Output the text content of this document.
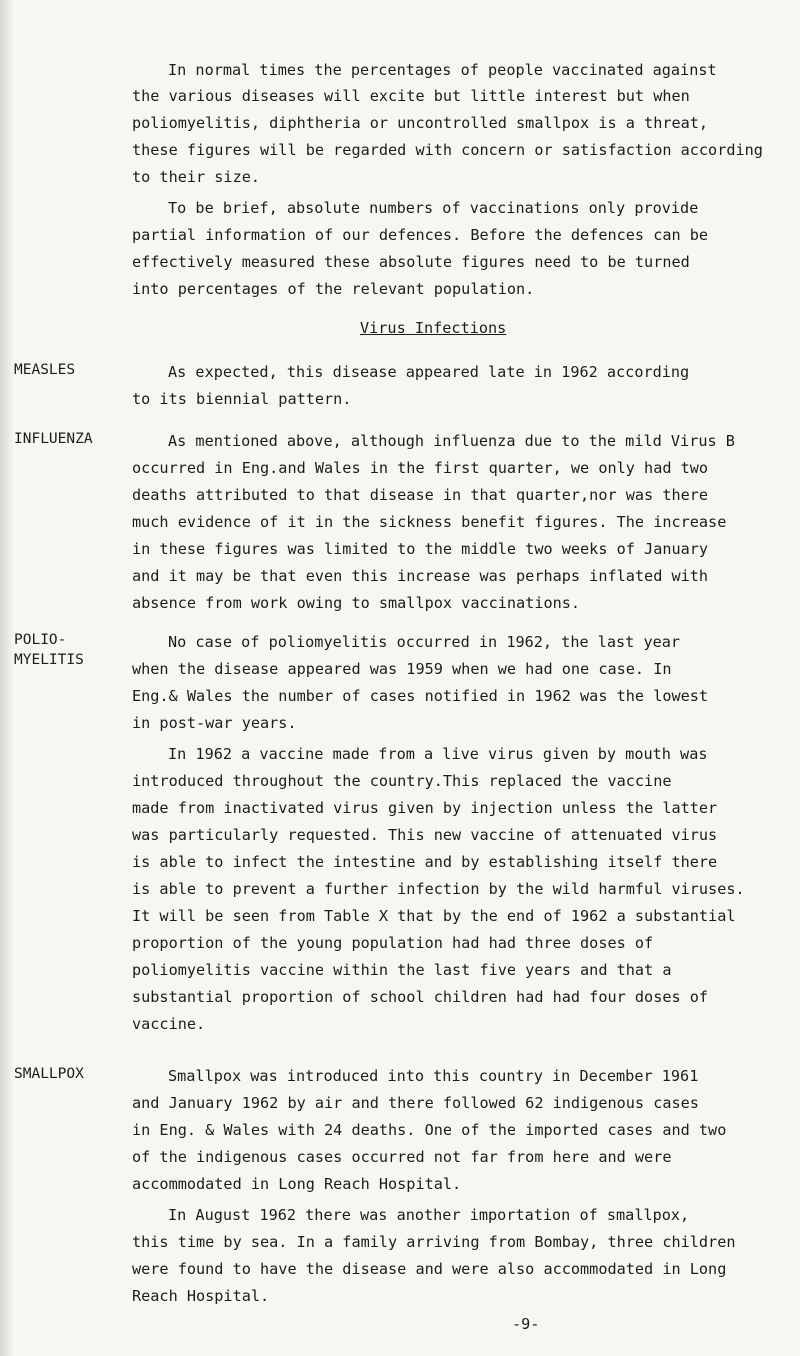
In normal times the percentages of people vaccinated against
the various diseases will excite but little interest but when
poliomyelitis, diphtheria or uncontrolled smallpox is a threat,
these figures will be regarded with concern or satisfaction according
to their size.
To be brief, absolute numbers of vaccinations only provide
partial information of our defences. Before the defences can be
effectively measured these absolute figures need to be turned
into percentages of the relevant population.
Virus Infections
MEASLES	As expected, this disease appeared late in 1962 according
to its biennial pattern.
INFLUENZA	As mentioned above, although influenza due to the mild Virus B
occurred in Eng.and Wales in the first quarter, we only had two
deaths attributed to that disease in that quarter,nor was there
much evidence of it in the sickness benefit figures. The increase
in these figures was limited to the middle two weeks of January
and it may be that even this increase was perhaps inflated with
absence from work owing to smallpox vaccinations.
POLIO-
MYELITIS
No case of poliomyelitis occurred in 1962, the last year
when the disease appeared was 1959 when we had one case. In
Eng.& Wales the number of cases notified in 1962 was the lowest
in post-war years.
In 1962 a vaccine made from a live virus given by mouth was
introduced throughout the country.This replaced the vaccine
made from inactivated virus given by injection unless the latter
was particularly requested. This new vaccine of attenuated virus
is able to infect the intestine and by establishing itself there
is able to prevent a further infection by the wild harmful viruses.
It will be seen from Table X that by the end of 1962 a substantial
proportion of the young population had had three doses of
poliomyelitis vaccine within the last five years and that a
substantial proportion of school children had had four doses of
vaccine.
SMALLPOX	Smallpox was introduced into this country in December 1961
and January 1962 by air and there followed 62 indigenous cases
in Eng. & Wales with 24 deaths. One of the imported cases and two
of the indigenous cases occurred not far from here and were
accommodated in Long Reach Hospital.
In August 1962 there was another importation of smallpox,
this time by sea. In a family arriving from Bombay, three children
were found to have the disease and were also accommodated in Long
Reach Hospital.
-9-
